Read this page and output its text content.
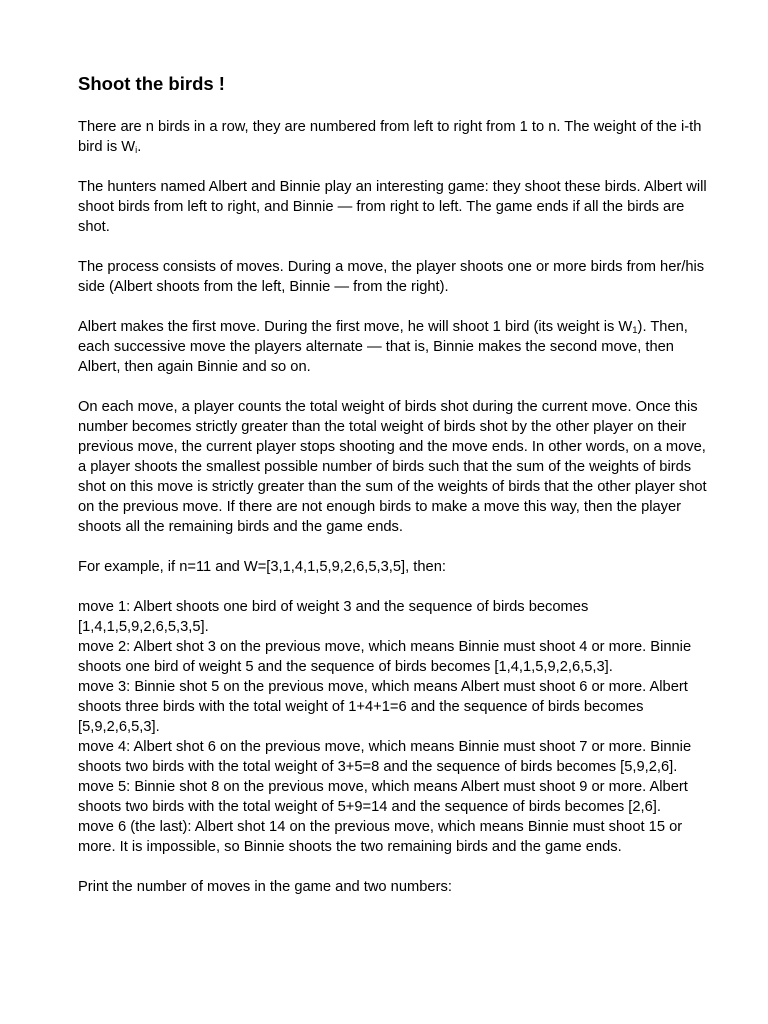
Shoot the birds !

There are n birds in a row, they are numbered from left to right from 1 to n. The weight of the i-th bird is $W_i$.

The hunters named Albert and Binnie play an interesting game: they shoot these birds. Albert will shoot birds from left to right, and Binnie — from right to left. The game ends if all the birds are shot.

The process consists of moves. During a move, the player shoots one or more birds from her/his side (Albert shoots from the left, Binnie — from the right).

Albert makes the first move. During the first move, he will shoot 1 bird (its weight is $W_1$). Then, each successive move the players alternate — that is, Binnie makes the second move, then Albert, then again Binnie and so on.

On each move, a player counts the total weight of birds shot during the current move. Once this number becomes strictly greater than the total weight of birds shot by the other player on their previous move, the current player stops shooting and the move ends. In other words, on a move, a player shoots the smallest possible number of birds such that the sum of the weights of birds shot on this move is strictly greater than the sum of the weights of birds that the other player shot on the previous move. If there are not enough birds to make a move this way, then the player shoots all the remaining birds and the game ends.

For example, if n=11 and W=[3,1,4,1,5,9,2,6,5,3,5], then:

move 1: Albert shoots one bird of weight 3 and the sequence of birds becomes [1,4,1,5,9,2,6,5,3,5].
move 2: Albert shot 3 on the previous move, which means Binnie must shoot 4 or more. Binnie shoots one bird of weight 5 and the sequence of birds becomes [1,4,1,5,9,2,6,5,3].
move 3: Binnie shot 5 on the previous move, which means Albert must shoot 6 or more. Albert shoots three birds with the total weight of 1+4+1=6 and the sequence of birds becomes [5,9,2,6,5,3].
move 4: Albert shot 6 on the previous move, which means Binnie must shoot 7 or more. Binnie shoots two birds with the total weight of 3+5=8 and the sequence of birds becomes [5,9,2,6].
move 5: Binnie shot 8 on the previous move, which means Albert must shoot 9 or more. Albert shoots two birds with the total weight of 5+9=14 and the sequence of birds becomes [2,6].
move 6 (the last): Albert shot 14 on the previous move, which means Binnie must shoot 15 or more. It is impossible, so Binnie shoots the two remaining birds and the game ends.

Print the number of moves in the game and two numbers:
